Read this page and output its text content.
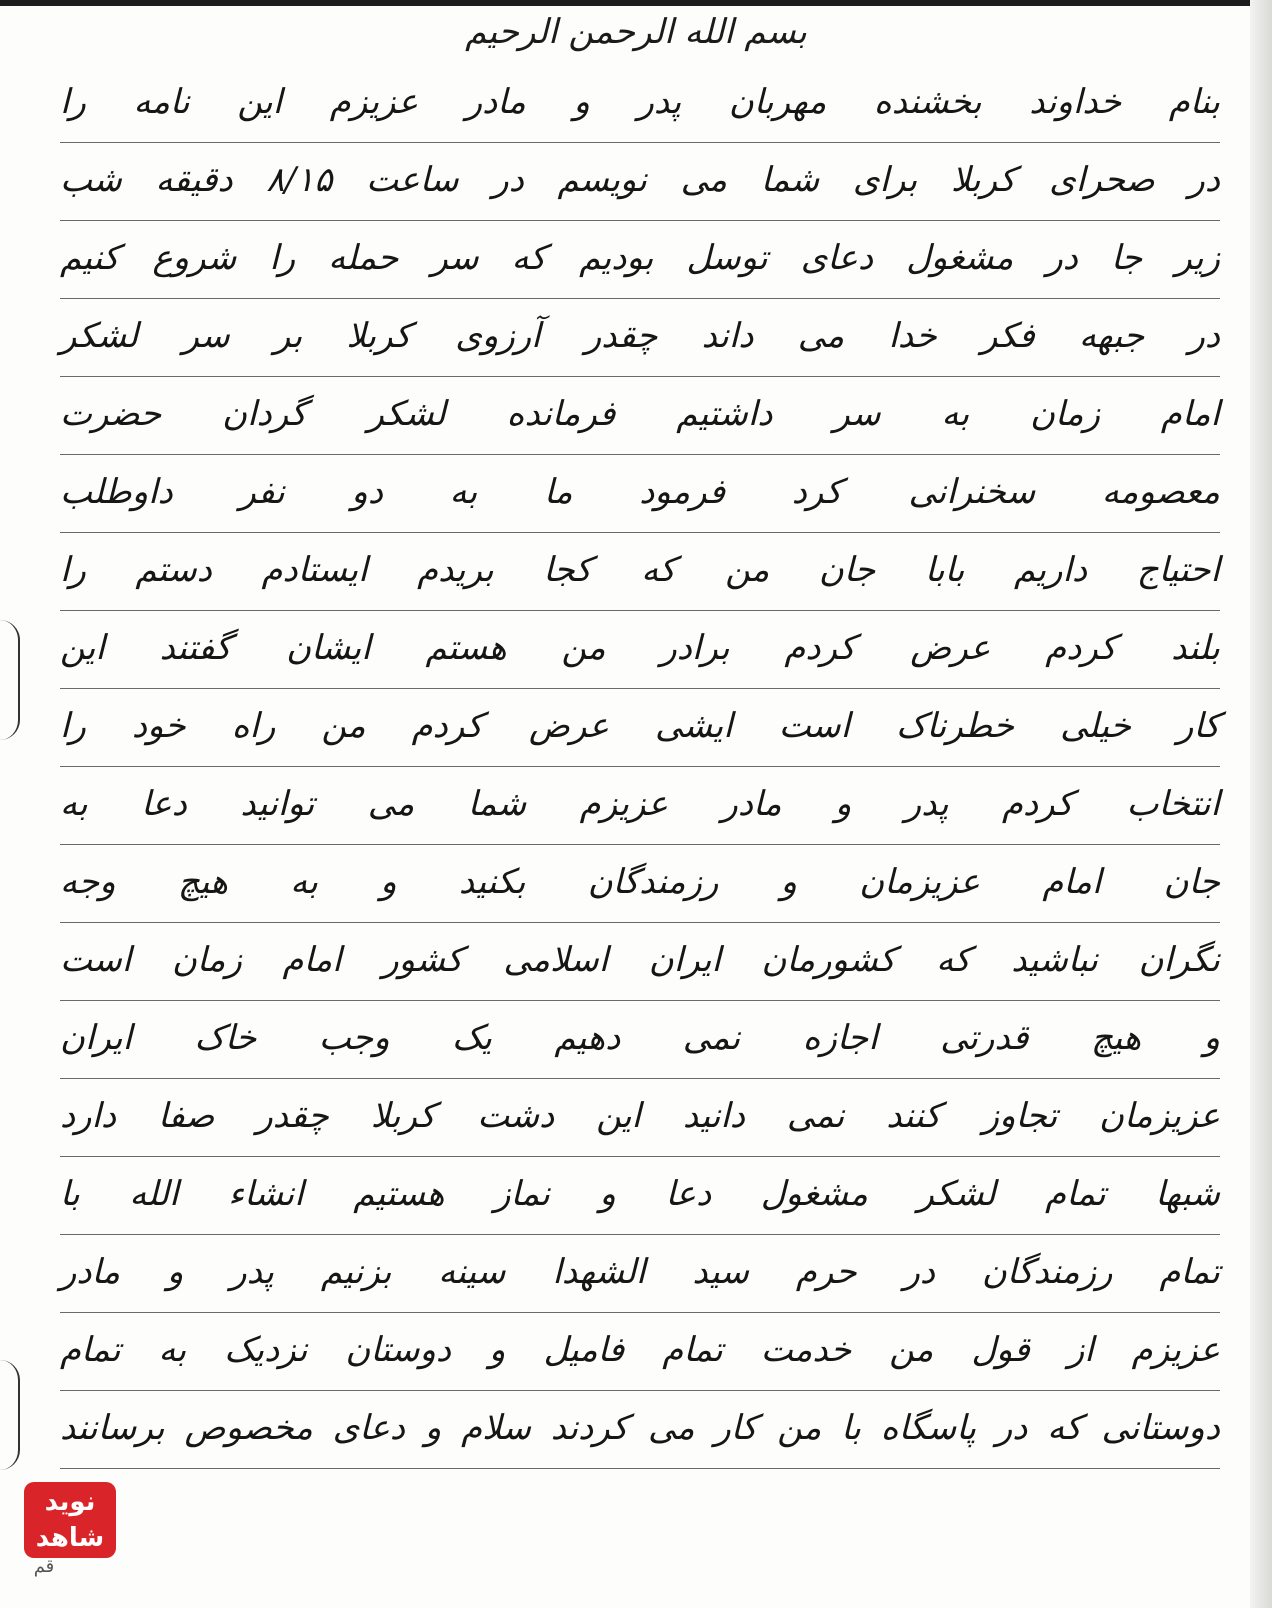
بسم الله الرحمن الرحیم
بنام خداوند بخشنده مهربان پدر و مادر عزیزم این نامه را
در صحرای کربلا برای شما می نویسم در ساعت ۸/۱۵ دقیقه شب
زیر جا در مشغول دعای توسل بودیم که سر حمله را شروع کنیم
در جبهه فکر خدا می داند چقدر آرزوی کربلا بر سر لشکر
امام زمان به سر داشتیم فرمانده لشکر گردان حضرت
معصومه سخنرانی کرد فرمود ما به دو نفر داوطلب
احتیاج داریم بابا جان من که کجا بریدم ایستادم دستم را
بلند کردم عرض کردم برادر من هستم ایشان گفتند این
کار خیلی خطرناک است ایشی عرض کردم من راه خود را
انتخاب کردم پدر و مادر عزیزم شما می توانید دعا به
جان امام عزیزمان و رزمندگان بکنید و به هیچ وجه
نگران نباشید که کشورمان ایران اسلامی کشور امام زمان است
و هیچ قدرتی اجازه نمی دهیم یک وجب خاک ایران
عزیزمان تجاوز کنند نمی دانید این دشت کربلا چقدر صفا دارد
شبها تمام لشکر مشغول دعا و نماز هستیم انشاء الله با
تمام رزمندگان در حرم سید الشهدا سینه بزنیم پدر و مادر
عزیزم از قول من خدمت تمام فامیل و دوستان نزدیک به تمام
دوستانی که در پاسگاه با من کار می کردند سلام و دعای مخصوص برسانند
نوید شاهد
قم
